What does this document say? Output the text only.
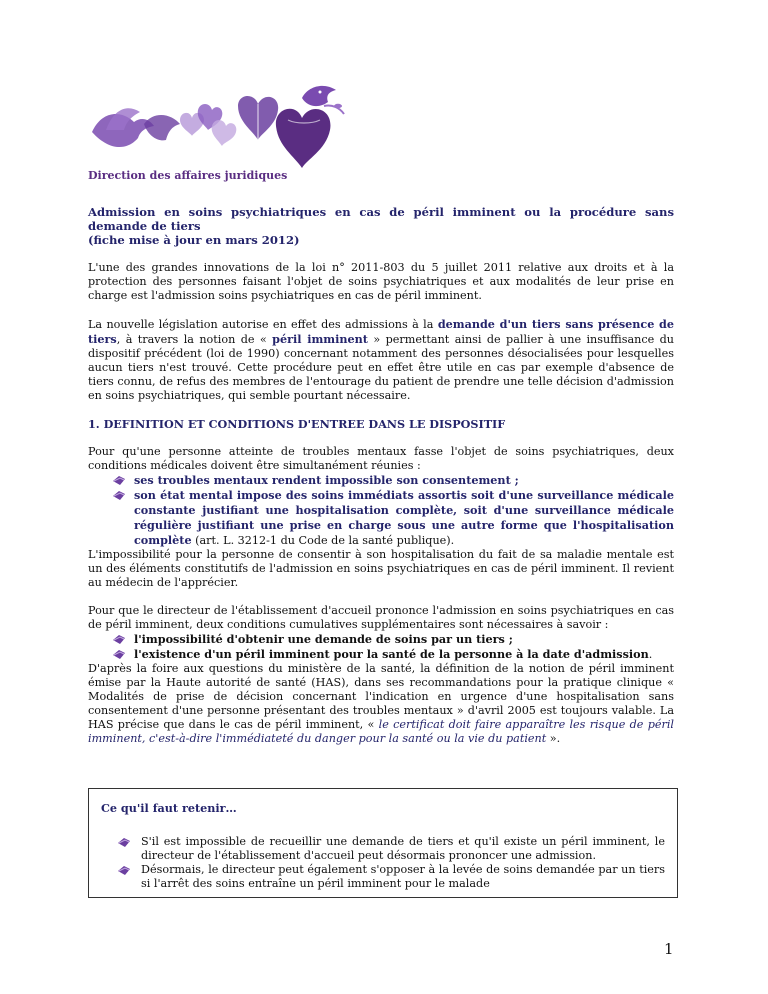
Direction des affaires juridiques
Admission en soins psychiatriques en cas de péril imminent ou la procédure sans demande de tiers
(fiche mise à jour en mars 2012)

L'une des grandes innovations de la loi n° 2011-803 du 5 juillet 2011 relative aux droits et à la protection des personnes faisant l'objet de soins psychiatriques et aux modalités de leur prise en charge est l'admission soins psychiatriques en cas de péril imminent.

La nouvelle législation autorise en effet des admissions à la demande d'un tiers sans présence de tiers, à travers la notion de « péril imminent » permettant ainsi de pallier à une insuffisance du dispositif précédent (loi de 1990) concernant notamment des personnes désocialisées pour lesquelles aucun tiers n'est trouvé. Cette procédure peut en effet être utile en cas par exemple d'absence de tiers connu, de refus des membres de l'entourage du patient de prendre une telle décision d'admission en soins psychiatriques, qui semble pourtant nécessaire.

1. DEFINITION ET CONDITIONS D'ENTREE DANS LE DISPOSITIF

Pour qu'une personne atteinte de troubles mentaux fasse l'objet de soins psychiatriques, deux conditions médicales doivent être simultanément réunies :

ses troubles mentaux rendent impossible son consentement ;
son état mental impose des soins immédiats assortis soit d'une surveillance médicale constante justifiant une hospitalisation complète, soit d'une surveillance médicale régulière justifiant une prise en charge sous une autre forme que l'hospitalisation complète (art. L. 3212-1 du Code de la santé publique).

L'impossibilité pour la personne de consentir à son hospitalisation du fait de sa maladie mentale est un des éléments constitutifs de l'admission en soins psychiatriques en cas de péril imminent. Il revient au médecin de l'apprécier.

Pour que le directeur de l'établissement d'accueil prononce l'admission en soins psychiatriques en cas de péril imminent, deux conditions cumulatives supplémentaires sont nécessaires à savoir :

l'impossibilité d'obtenir une demande de soins par un tiers ;
l'existence d'un péril imminent pour la santé de la personne à la date d'admission.

D'après la foire aux questions du ministère de la santé, la définition de la notion de péril imminent émise par la Haute autorité de santé (HAS), dans ses recommandations pour la pratique clinique « Modalités de prise de décision concernant l'indication en urgence d'une hospitalisation sans consentement d'une personne présentant des troubles mentaux » d'avril 2005 est toujours valable. La HAS précise que dans le cas de péril imminent, « le certificat doit faire apparaître les risque de péril imminent, c'est-à-dire l'immédiateté du danger pour la santé ou la vie du patient ».

Ce qu'il faut retenir…
S'il est impossible de recueillir une demande de tiers et qu'il existe un péril imminent, le directeur de l'établissement d'accueil peut désormais prononcer une admission.
Désormais, le directeur peut également s'opposer à la levée de soins demandée par un tiers si l'arrêt des soins entraîne un péril imminent pour le malade
1
